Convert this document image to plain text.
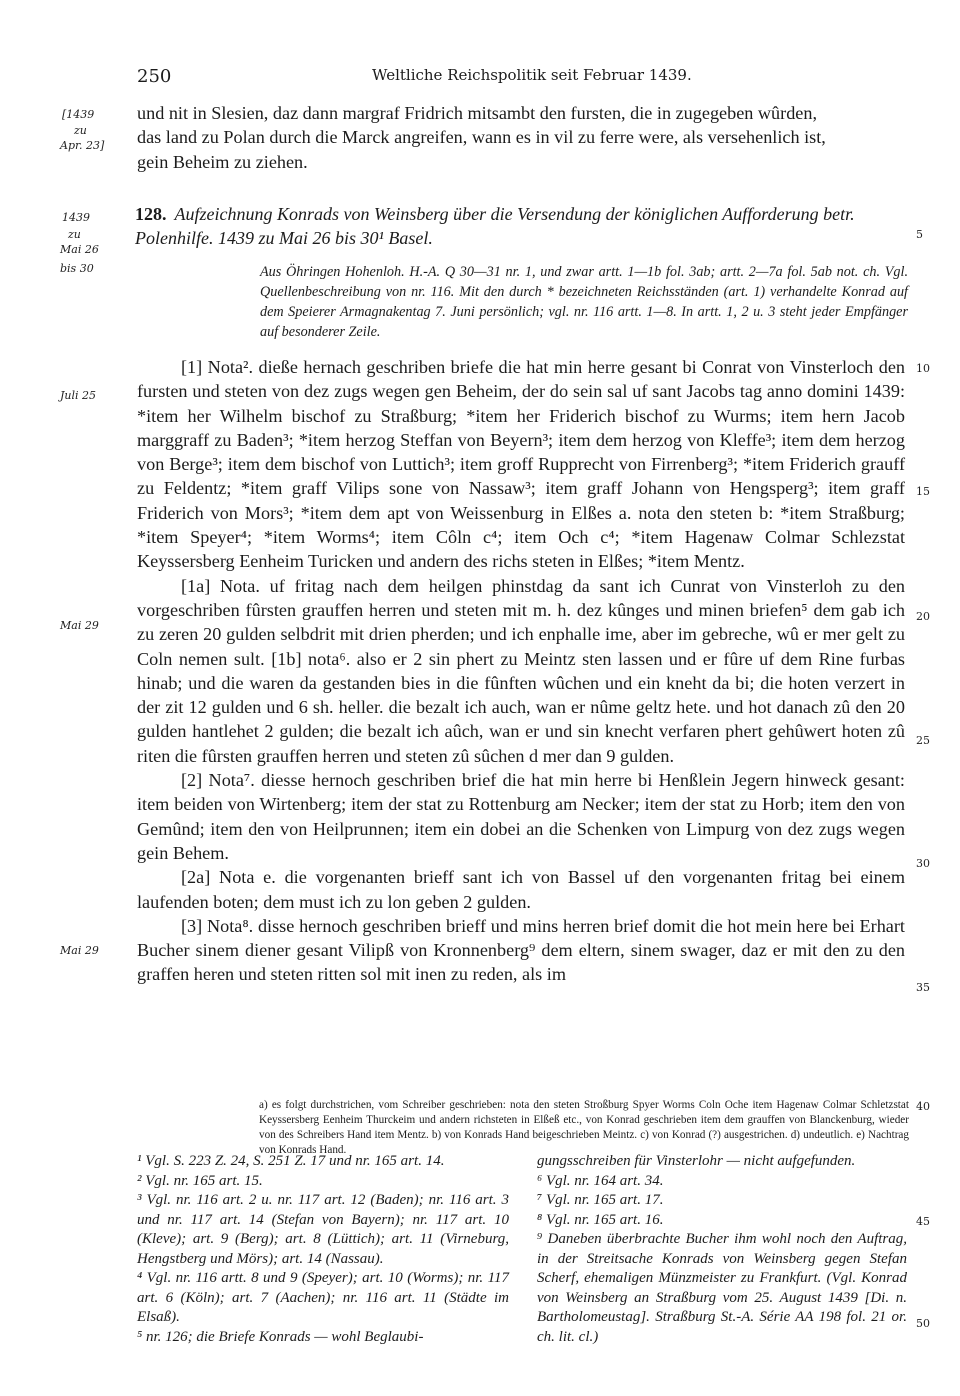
250	Weltliche Reichspolitik seit Februar 1439.
[1439
zu
Apr. 23]
1439
zu
Mai 26
bis 30
Juli 25
Mai 29
Mai 29
5
10
15
20
25
30
35
40
45
50

und nit in Slesien, daz dann margraf Fridrich mitsambt den fursten, die in zugegeben wûrden,

das land zu Polan durch die Marck angreifen, wann es in vil zu ferre were, als versehenlich ist,

gein Beheim zu ziehen.

128. Aufzeichnung Konrads von Weinsberg über die Versendung der königlichen Aufforderung betr. Polenhilfe. 1439 zu Mai 26 bis 30¹ Basel.
Aus Öhringen Hohenloh. H.-A. Q 30—31 nr. 1, und zwar artt. 1—1b fol. 3ab; artt. 2—7a fol. 5ab not. ch. Vgl. Quellenbeschreibung von nr. 116. Mit den durch * bezeichneten Reichsständen (art. 1) verhandelte Konrad auf dem Speierer Armagnakentag 7. Juni persönlich; vgl. nr. 116 artt. 1—8. In artt. 1, 2 u. 3 steht jeder Empfänger auf besonderer Zeile.

[1] Nota². dieße hernach geschriben briefe die hat min herre gesant bi Conrat von Vinsterloch den fursten und steten von dez zugs wegen gen Beheim, der do sein sal uf sant Jacobs tag anno domini 1439: *item her Wilhelm bischof zu Straßburg; *item her Friderich bischof zu Wurms; item hern Jacob marggraff zu Baden³; *item herzog Steffan von Beyern³; item dem herzog von Kleffe³; item dem herzog von Berge³; item dem bischof von Luttich³; item groff Rupprecht von Firrenberg³; *item Friderich grauff zu Feldentz; *item graff Vilips sone von Nassaw³; item graff Johann von Hengsperg³; item graff Friderich von Mors³; *item dem apt von Weissenburg in Elßes a. nota den steten b: *item Straßburg; *item Speyer⁴; *item Worms⁴; item Côln c⁴; item Och c⁴; *item Hagenaw Colmar Schlezstat Keyssersberg Eenheim Turicken und andern des richs steten in Elßes; *item Mentz.

[1a] Nota. uf fritag nach dem heilgen phinstdag da sant ich Cunrat von Vinsterloh zu den vorgeschriben fûrsten grauffen herren und steten mit m. h. dez kûnges und minen briefen⁵ dem gab ich zu zeren 20 gulden selbdrit mit drien pherden; und ich enphalle ime, aber im gebreche, wû er mer gelt zu Coln nemen sult. [1b] nota⁶. also er 2 sin phert zu Meintz sten lassen und er fûre uf dem Rine furbas hinab; und die waren da gestanden bies in die fûnften wûchen und ein kneht da bi; die hoten verzert in der zit 12 gulden und 6 sh. heller. die bezalt ich auch, wan er nûme geltz hete. und hot danach zû den 20 gulden hantlehet 2 gulden; die bezalt ich aûch, wan er und sin knecht verfaren phert gehûwert hoten zû riten die fûrsten grauffen herren und steten zû sûchen d mer dan 9 gulden.

[2] Nota⁷. diesse hernoch geschriben brief die hat min herre bi Henßlein Jegern hinweck gesant: item beiden von Wirtenberg; item der stat zu Rottenburg am Necker; item der stat zu Horb; item den von Gemûnd; item den von Heilprunnen; item ein dobei an die Schenken von Limpurg von dez zugs wegen gein Behem.

[2a] Nota e. die vorgenanten brieff sant ich von Bassel uf den vorgenanten fritag bei einem laufenden boten; dem must ich zu lon geben 2 gulden.

[3] Nota⁸. disse hernoch geschriben brieff und mins herren brief domit die hot mein here bei Erhart Bucher sinem diener gesant Vilipß von Kronnenberg⁹ dem eltern, sinem swager, daz er mit den zu den graffen heren und steten ritten sol mit inen zu reden, als im

a) es folgt durchstrichen, vom Schreiber geschrieben: nota den steten Stroßburg Spyer Worms Coln Oche item Hagenaw Colmar Schletzstat Keyssersberg Eenheim Thurckeim und andern richsteten in Elßeß etc., von Konrad geschrieben item dem grauffen von Blanckenburg, wieder von des Schreibers Hand item Mentz. b) von Konrads Hand beigeschrieben Meintz. c) von Konrad (?) ausgestrichen. d) undeutlich. e) Nachtrag von Konrads Hand.

¹ Vgl. S. 223 Z. 24, S. 251 Z. 17 und nr. 165 art. 14.

² Vgl. nr. 165 art. 15.

³ Vgl. nr. 116 art. 2 u. nr. 117 art. 12 (Baden); nr. 116 art. 3 und nr. 117 art. 14 (Stefan von Bayern); nr. 117 art. 10 (Kleve); art. 9 (Berg); art. 8 (Lüttich); art. 11 (Virneburg, Hengstberg und Mörs); art. 14 (Nassau).

⁴ Vgl. nr. 116 artt. 8 und 9 (Speyer); art. 10 (Worms); nr. 117 art. 6 (Köln); art. 7 (Aachen); nr. 116 art. 11 (Städte im Elsaß).

⁵ nr. 126; die Briefe Konrads — wohl Beglaubi-

gungsschreiben für Vinsterlohr — nicht aufgefunden.

⁶ Vgl. nr. 164 art. 34.

⁷ Vgl. nr. 165 art. 17.

⁸ Vgl. nr. 165 art. 16.

⁹ Daneben überbrachte Bucher ihm wohl noch den Auftrag, in der Streitsache Konrads von Weinsberg gegen Stefan Scherf, ehemaligen Münzmeister zu Frankfurt. (Vgl. Konrad von Weinsberg an Straßburg vom 25. August 1439 [Di. n. Bartholomeustag]. Straßburg St.-A. Série AA 198 fol. 21 or. ch. lit. cl.)
